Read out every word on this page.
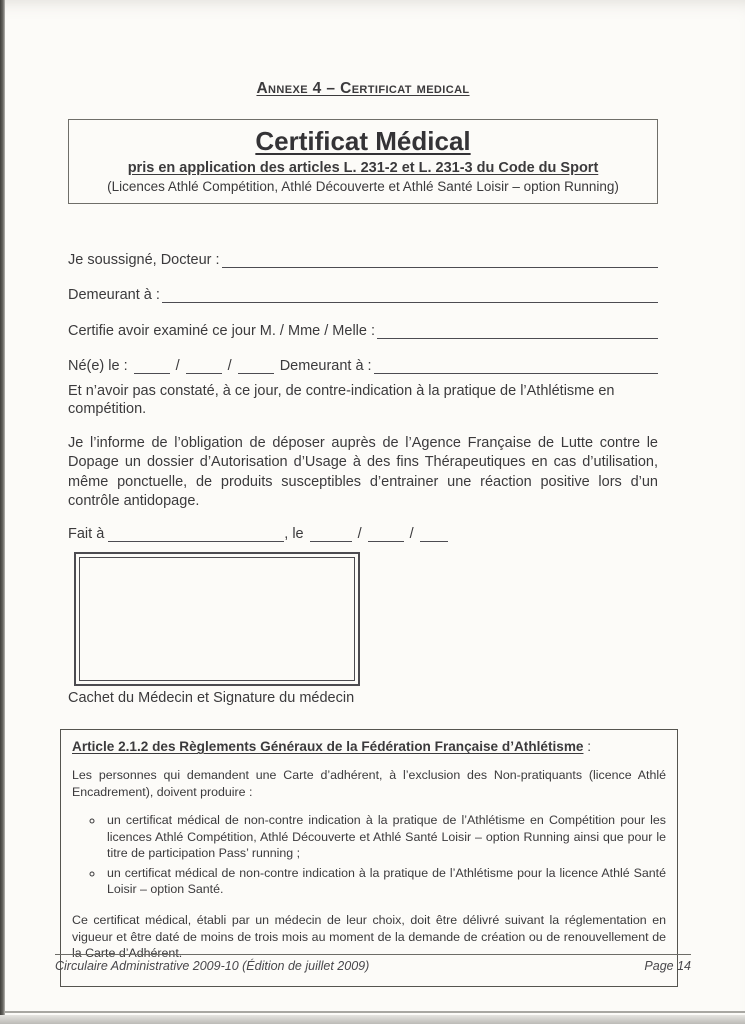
Annexe 4 – Certificat medical
Certificat Médical
pris en application des articles L. 231-2 et L. 231-3 du Code du Sport
(Licences Athlé Compétition, Athlé Découverte et Athlé Santé Loisir – option Running)
Je soussigné, Docteur :
Demeurant à :
Certifie avoir examiné ce jour M. / Mme / Melle :
Né(e) le :	/	/	Demeurant à :

Et n’avoir pas constaté, à ce jour, de contre-indication à la pratique de l’Athlétisme en compétition.

Je l’informe de l’obligation de déposer auprès de l’Agence Française de Lutte contre le Dopage un dossier d’Autorisation d’Usage à des fins Thérapeutiques en cas d’utilisation, même ponctuelle, de produits susceptibles d’entrainer une réaction positive lors d’un contrôle antidopage.

Fait à	, le	/	/
Cachet du Médecin et Signature du médecin
Article 2.1.2 des Règlements Généraux de la Fédération Française d’Athlétisme :

Les personnes qui demandent une Carte d’adhérent, à l’exclusion des Non-pratiquants (licence Athlé Encadrement), doivent produire :

◦ un certificat médical de non-contre indication à la pratique de l’Athlétisme en Compétition pour les licences Athlé Compétition, Athlé Découverte et Athlé Santé Loisir – option Running ainsi que pour le titre de participation Pass’ running ;
◦ un certificat médical de non-contre indication à la pratique de l’Athlétisme pour la licence Athlé Santé Loisir – option Santé.

Ce certificat médical, établi par un médecin de leur choix, doit être délivré suivant la réglementation en vigueur et être daté de moins de trois mois au moment de la demande de création ou de renouvellement de la Carte d’Adhérent.

Circulaire Administrative 2009-10 (Édition de juillet 2009)	Page 14
